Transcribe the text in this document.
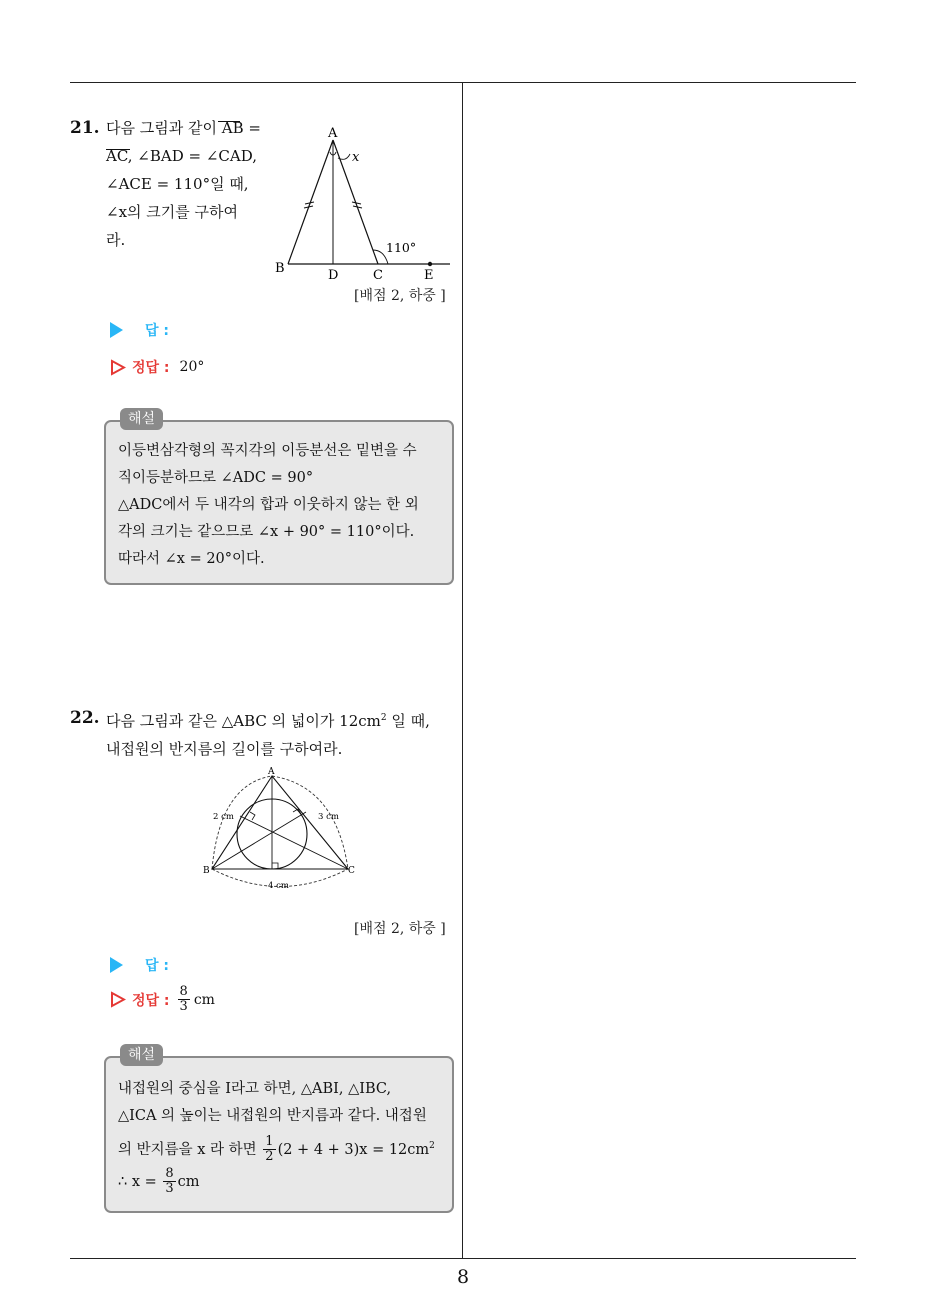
8
21. 다음 그림과 같이 AB =
AC, ∠BAD = ∠CAD,
∠ACE = 110°일 때,
∠x의 크기를 구하여
라.
A
B	D	C	E
x
110°
[배점 2, 하중 ]
답 :
정답 : 20°
이등변삼각형의 꼭지각의 이등분선은 밑변을 수
직이등분하므로 ∠ADC = 90°
△ADC에서 두 내각의 합과 이웃하지 않는 한 외
각의 크기는 같으므로 ∠x + 90° = 110°이다.
따라서 ∠x = 20°이다.
해설
22. 다음 그림과 같은 △ABC 의 넓이가 $12cm^2$ 일 때,
내접원의 반지름의 길이를 구하여라.
A
B	C
2 cm	3 cm
4 cm
[배점 2, 하중 ]
답 :
정답 : $\frac{8}{3}$ cm
내접원의 중심을 I라고 하면, △ABI, △IBC,
△ICA 의 높이는 내접원의 반지름과 같다. 내접원
의 반지름을 x 라 하면 $\frac{1}{2} (2 + 4 + 3)x = 12cm^2$
∴ $x = \frac{8}{3}$ cm
해설
